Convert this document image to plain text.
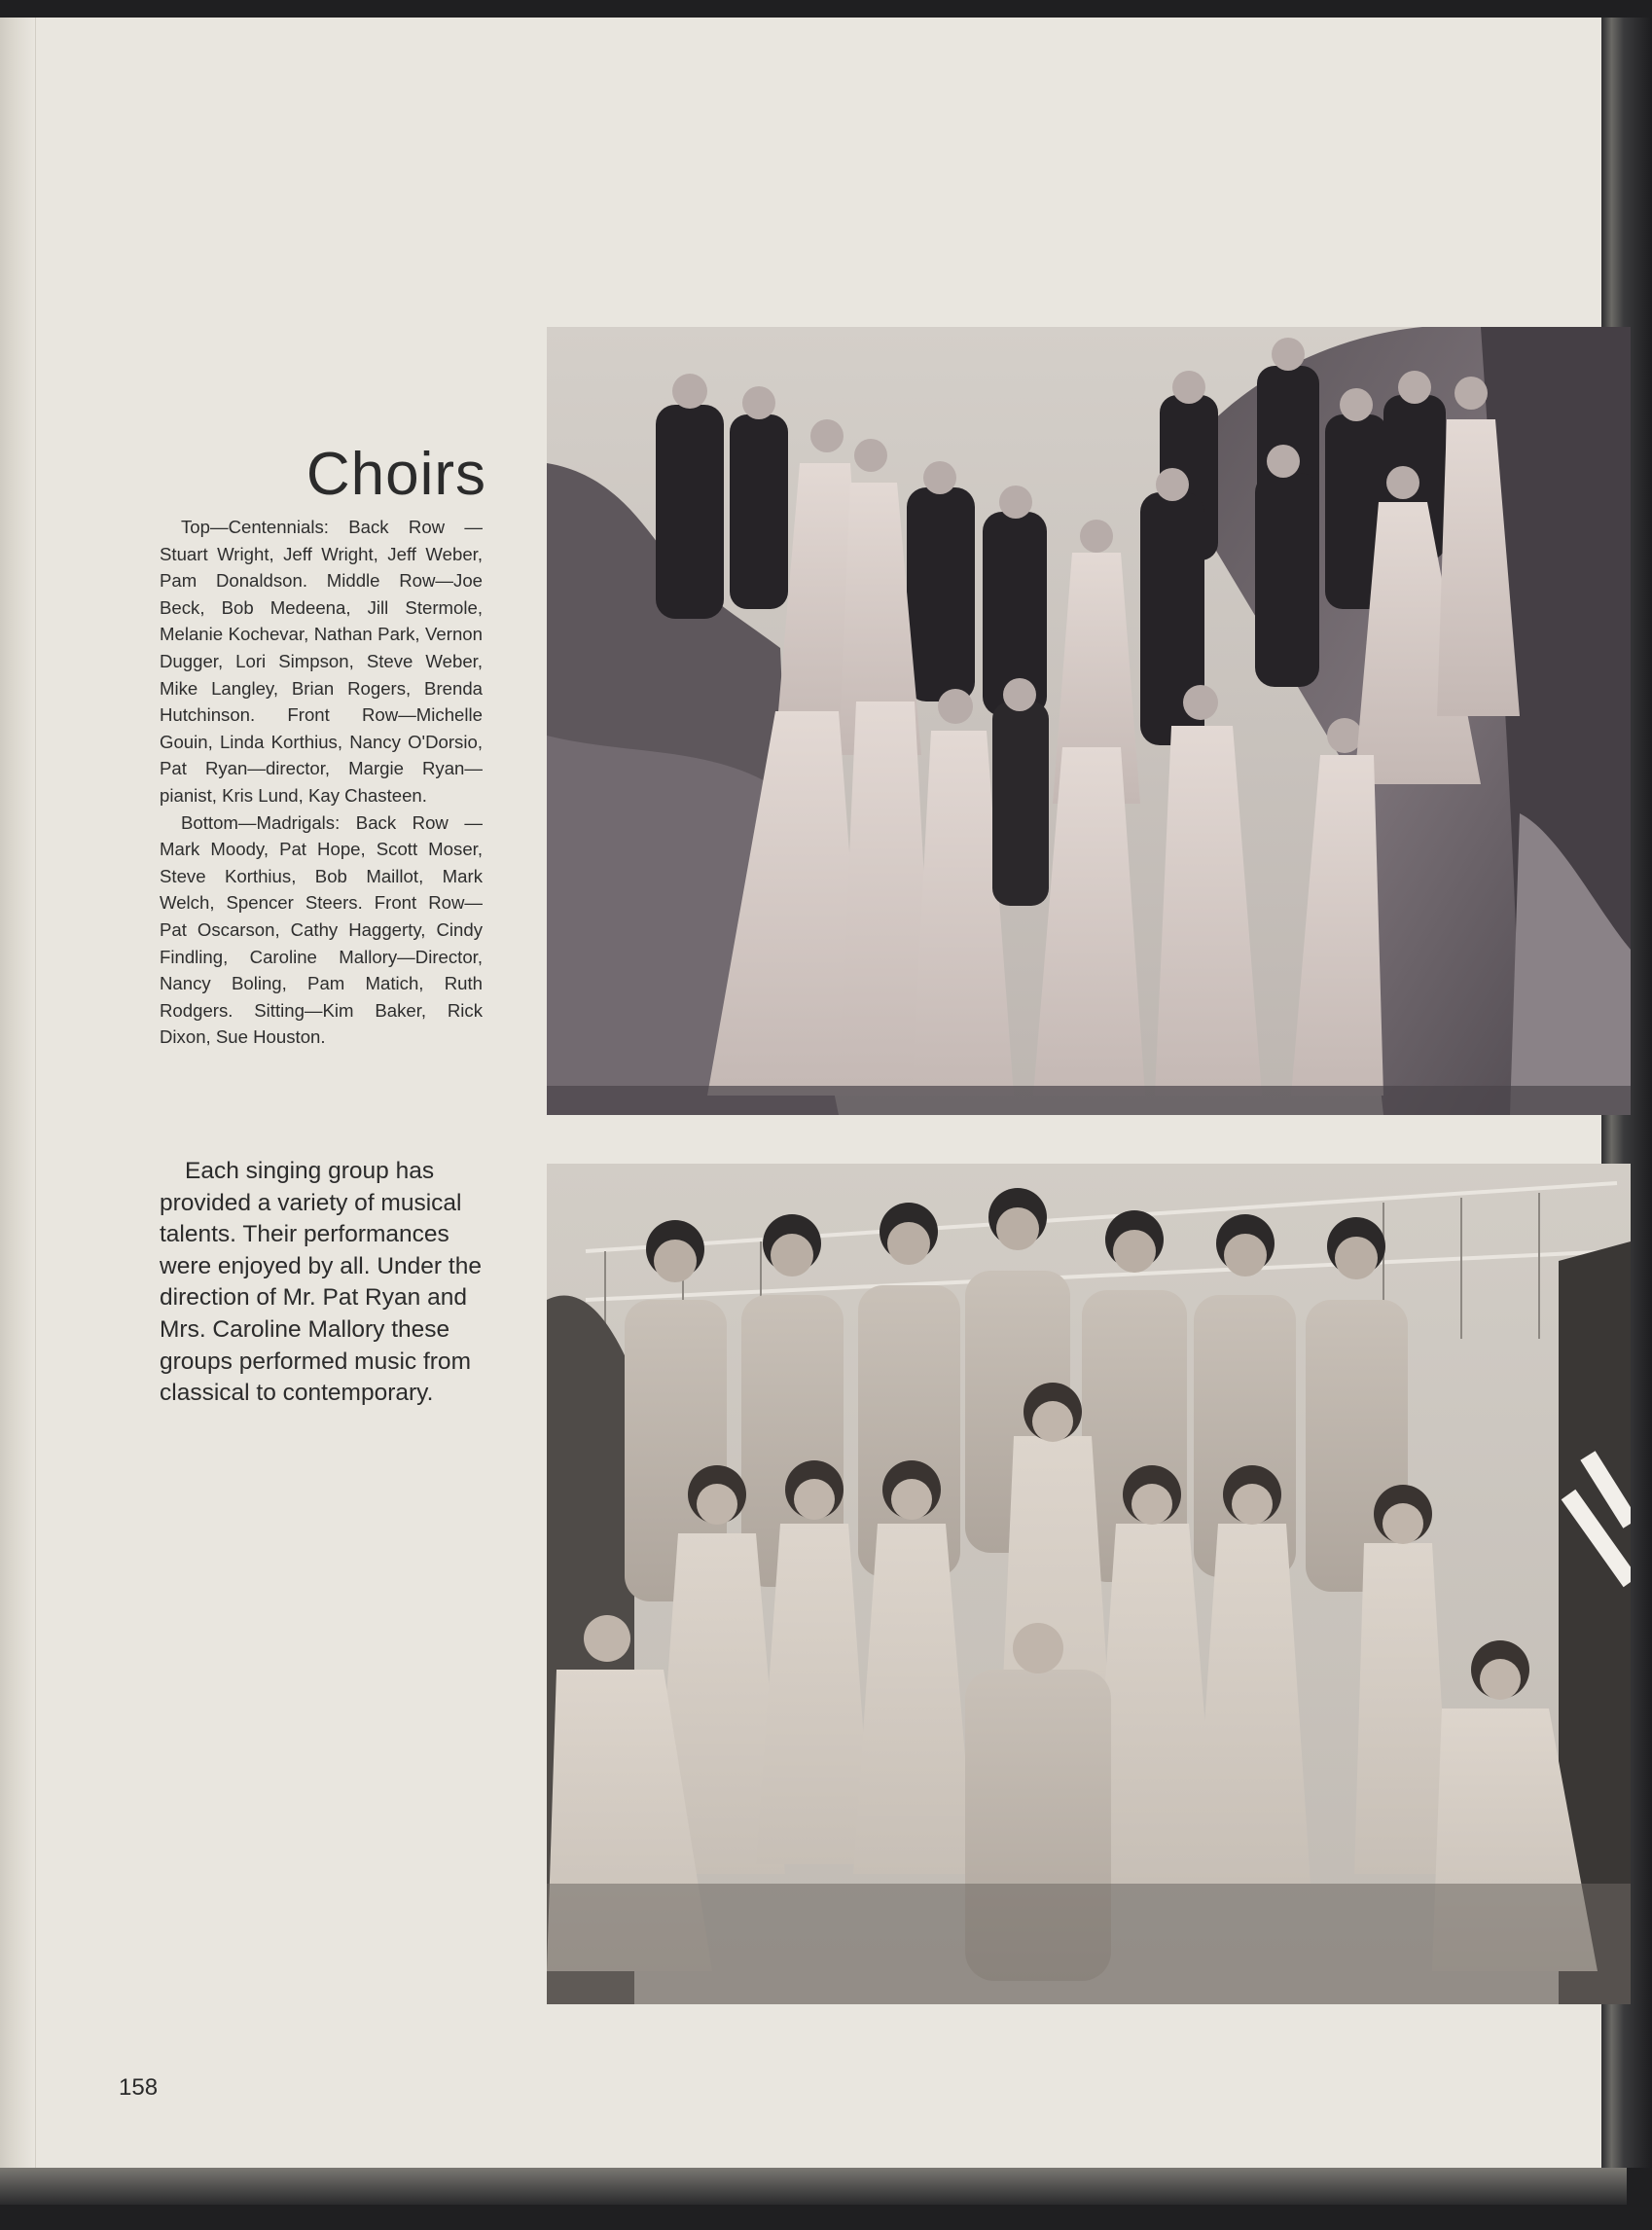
Choirs

Top—Centennials: Back Row —Stuart Wright, Jeff Wright, Jeff Weber, Pam Donaldson. Middle Row—Joe Beck, Bob Medeena, Jill Stermole, Melanie Kochevar, Nathan Park, Vernon Dugger, Lori Simpson, Steve Weber, Mike Langley, Brian Rogers, Brenda Hutchinson. Front Row—Michelle Gouin, Linda Korthius, Nancy O'Dorsio, Pat Ryan—director, Margie Ryan—pianist, Kris Lund, Kay Chasteen.

Bottom—Madrigals: Back Row —Mark Moody, Pat Hope, Scott Moser, Steve Korthius, Bob Maillot, Mark Welch, Spencer Steers. Front Row—Pat Oscarson, Cathy Haggerty, Cindy Findling, Caroline Mallory—Director, Nancy Boling, Pam Matich, Ruth Rodgers. Sitting—Kim Baker, Rick Dixon, Sue Houston.

Each singing group has provided a variety of musical talents. Their performances were enjoyed by all. Under the direction of Mr. Pat Ryan and Mrs. Caroline Mallory these groups performed music from classical to contemporary.

158
